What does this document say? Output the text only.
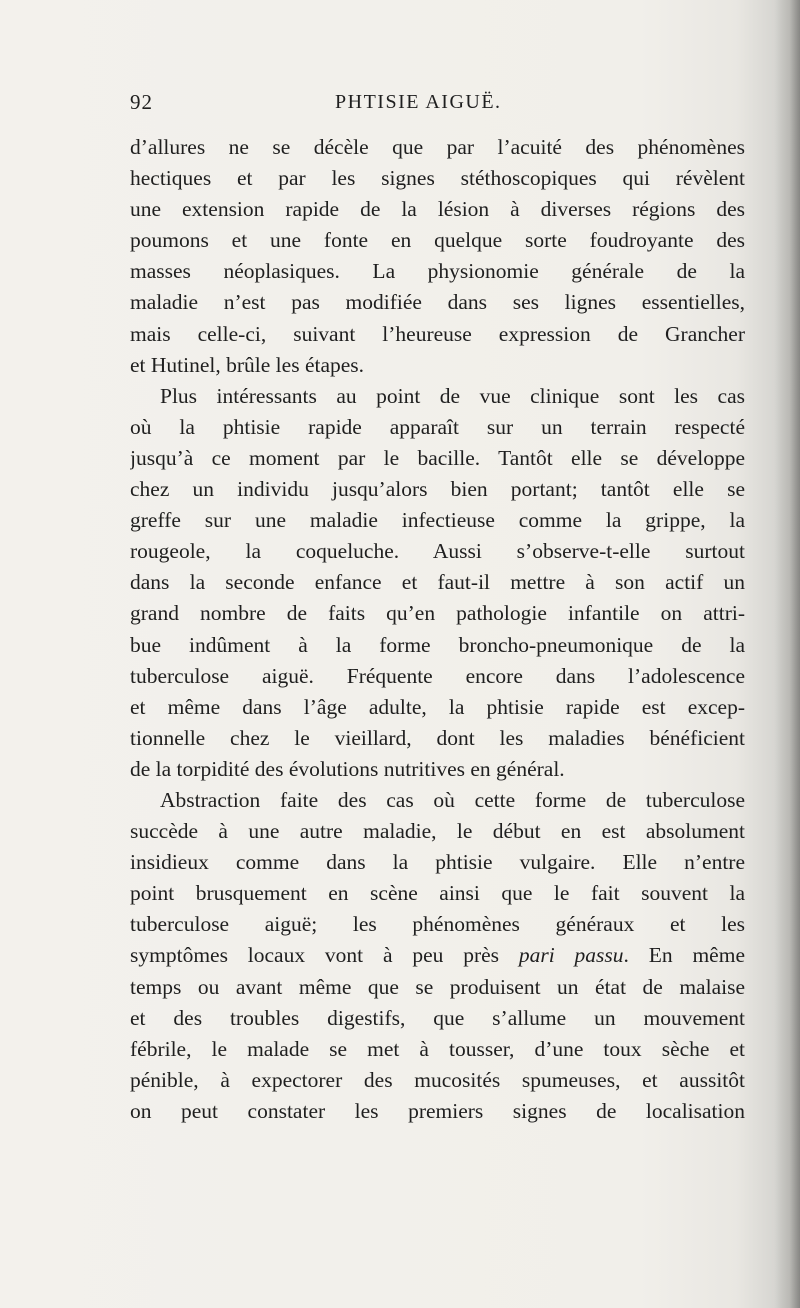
92	PHTISIE AIGUË.
d’allures ne se décèle que par l’acuité des phénomènes
hectiques et par les signes stéthoscopiques qui révèlent
une extension rapide de la lésion à diverses régions des
poumons et une fonte en quelque sorte foudroyante des
masses néoplasiques. La physionomie générale de la
maladie n’est pas modifiée dans ses lignes essentielles,
mais celle-ci, suivant l’heureuse expression de Grancher
et Hutinel, brûle les étapes.
Plus intéressants au point de vue clinique sont les cas
où la phtisie rapide apparaît sur un terrain respecté
jusqu’à ce moment par le bacille. Tantôt elle se développe
chez un individu jusqu’alors bien portant; tantôt elle se
greffe sur une maladie infectieuse comme la grippe, la
rougeole, la coqueluche. Aussi s’observe-t-elle surtout
dans la seconde enfance et faut-il mettre à son actif un
grand nombre de faits qu’en pathologie infantile on attri-
bue indûment à la forme broncho-pneumonique de la
tuberculose aiguë. Fréquente encore dans l’adolescence
et même dans l’âge adulte, la phtisie rapide est excep-
tionnelle chez le vieillard, dont les maladies bénéficient
de la torpidité des évolutions nutritives en général.
Abstraction faite des cas où cette forme de tuberculose
succède à une autre maladie, le début en est absolument
insidieux comme dans la phtisie vulgaire. Elle n’entre
point brusquement en scène ainsi que le fait souvent la
tuberculose aiguë; les phénomènes généraux et les
symptômes locaux vont à peu près pari passu. En même
temps ou avant même que se produisent un état de malaise
et des troubles digestifs, que s’allume un mouvement
fébrile, le malade se met à tousser, d’une toux sèche et
pénible, à expectorer des mucosités spumeuses, et aussitôt
on peut constater les premiers signes de localisation
